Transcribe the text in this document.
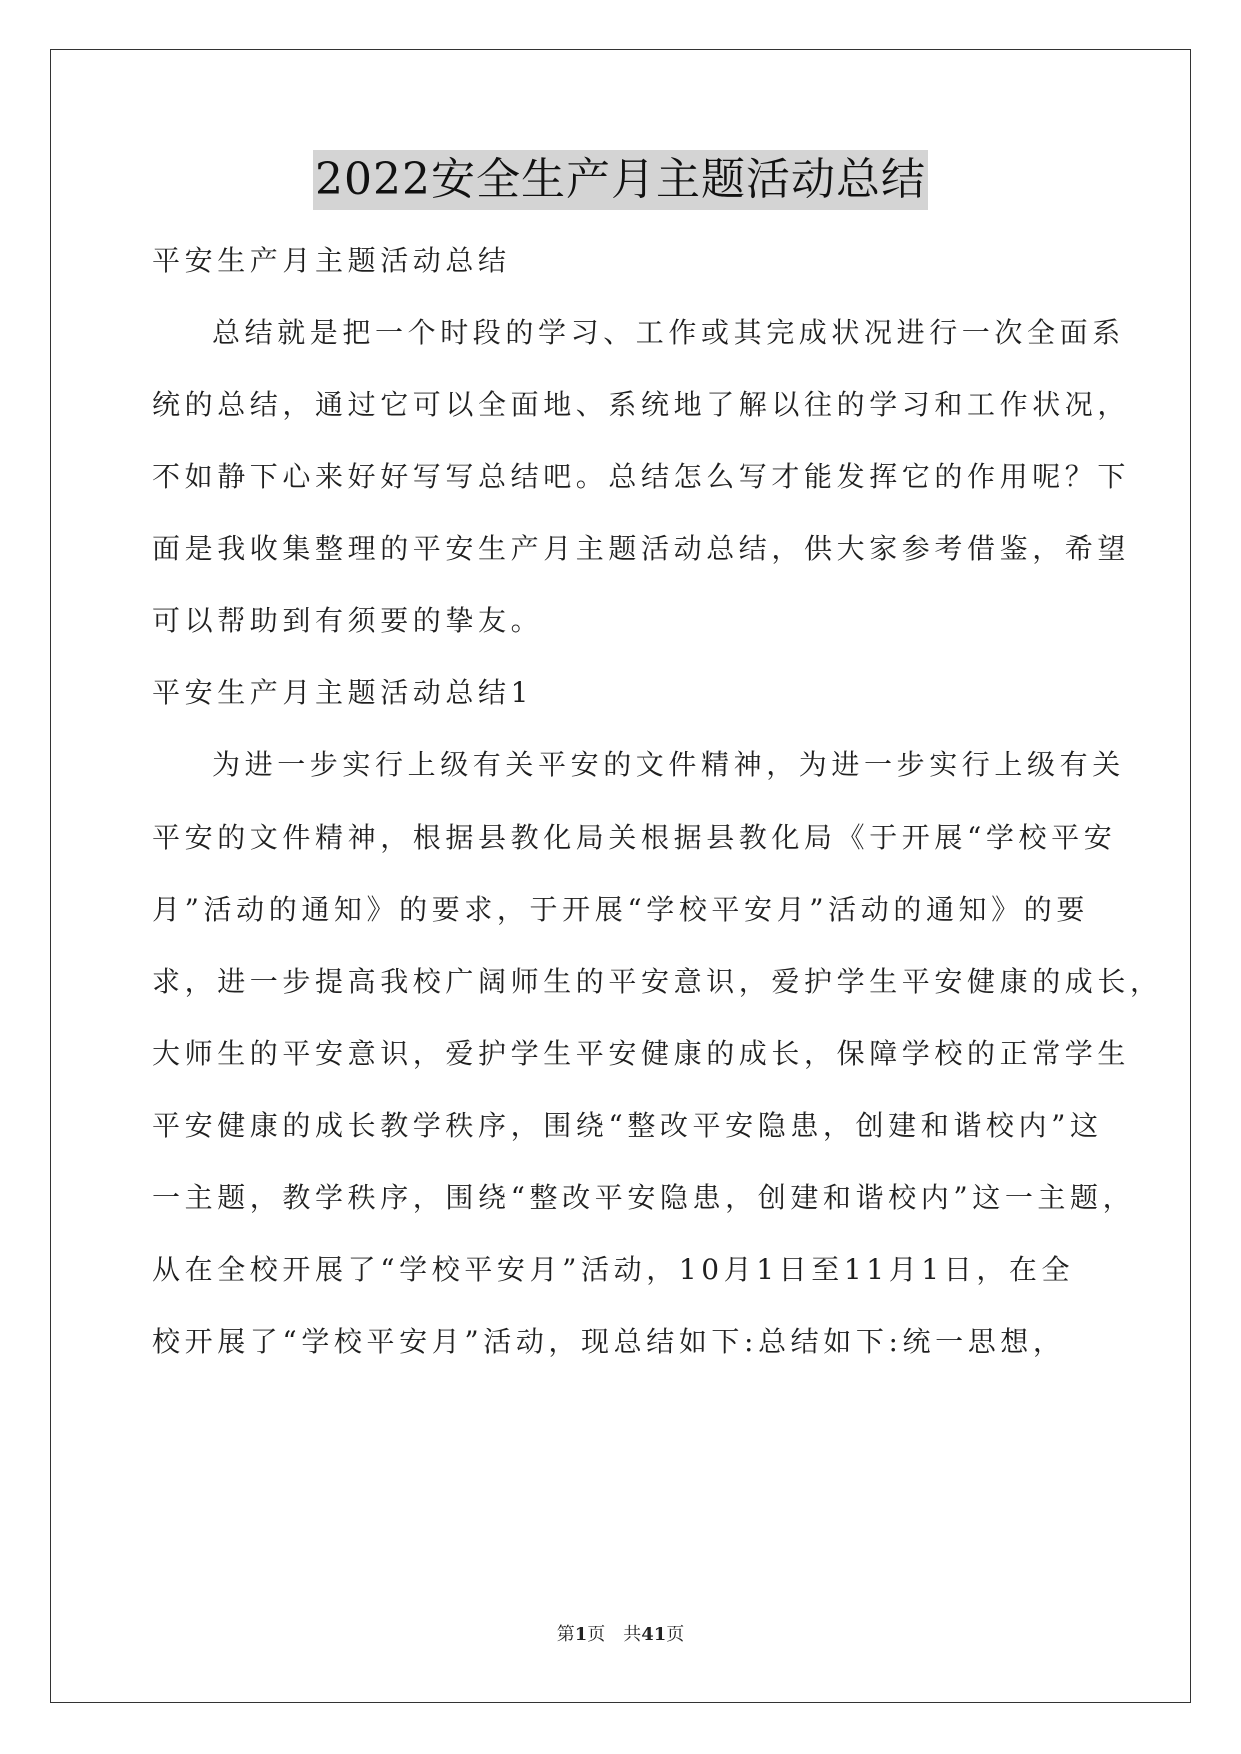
2022安全生产月主题活动总结
平安生产月主题活动总结
总结就是把一个时段的学习、工作或其完成状况进行一次全面系
统的总结，通过它可以全面地、系统地了解以往的学习和工作状况，
不如静下心来好好写写总结吧。总结怎么写才能发挥它的作用呢？下
面是我收集整理的平安生产月主题活动总结，供大家参考借鉴，希望
可以帮助到有须要的挚友。
平安生产月主题活动总结1
为进一步实行上级有关平安的文件精神，为进一步实行上级有关
平安的文件精神，根据县教化局关根据县教化局《于开展“学校平安
月”活动的通知》的要求，于开展“学校平安月”活动的通知》的要
求，进一步提高我校广阔师生的平安意识，爱护学生平安健康的成长，
大师生的平安意识，爱护学生平安健康的成长，保障学校的正常学生
平安健康的成长教学秩序，围绕“整改平安隐患，创建和谐校内”这
一主题，教学秩序，围绕“整改平安隐患，创建和谐校内”这一主题，
从在全校开展了“学校平安月”活动，10月1日至11月1日，在全
校开展了“学校平安月”活动，现总结如下:总结如下:统一思想，
第1页　共41页
